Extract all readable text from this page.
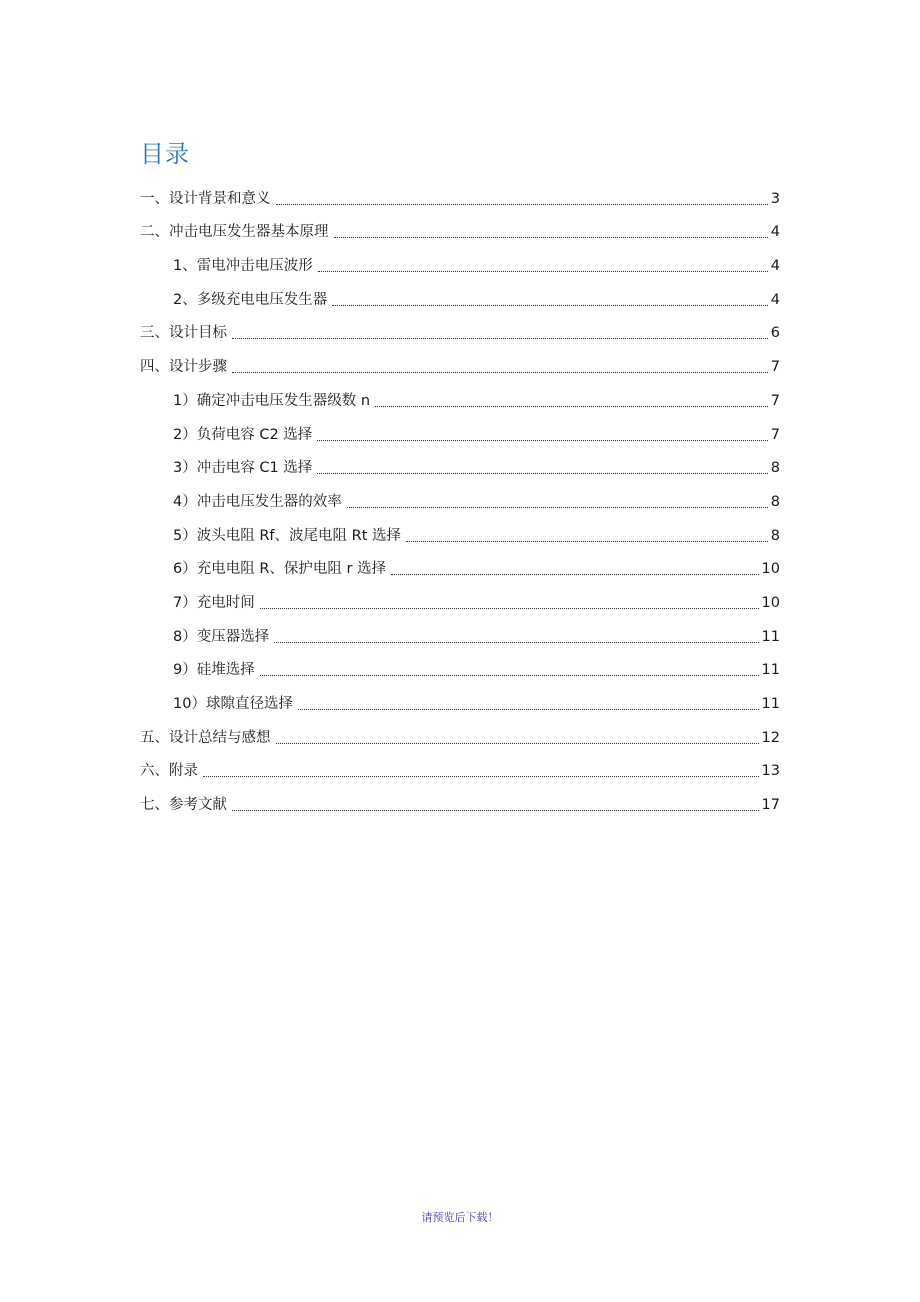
目录
一、设计背景和意义	3
二、冲击电压发生器基本原理	4
1、雷电冲击电压波形	4
2、多级充电电压发生器	4
三、设计目标	6
四、设计步骤	7
1）确定冲击电压发生器级数 n	7
2）负荷电容 C2 选择	7
3）冲击电容 C1 选择	8
4）冲击电压发生器的效率	8
5）波头电阻 Rf、波尾电阻 Rt 选择	8
6）充电电阻 R、保护电阻 r 选择	10
7）充电时间	10
8）变压器选择	11
9）硅堆选择	11
10）球隙直径选择	11
五、设计总结与感想	12
六、附录	13
七、参考文献	17
请预览后下载！
